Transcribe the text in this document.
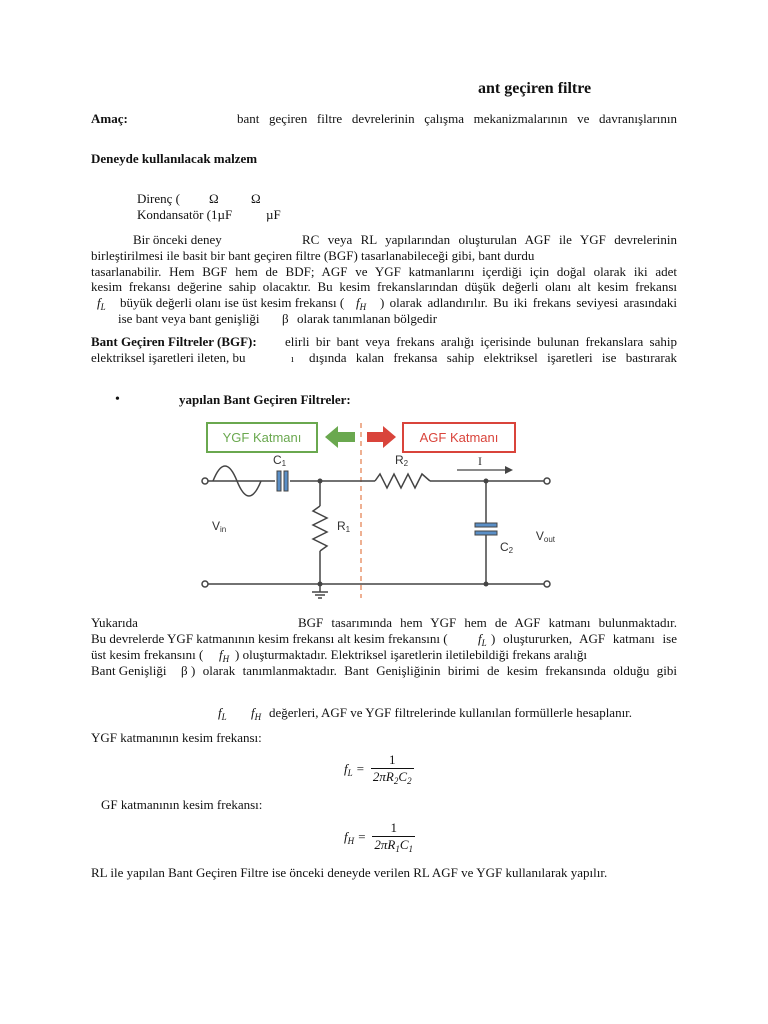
ant geçiren filtre
Amaç:	bant geçiren filtre devrelerinin çalışma mekanizmalarının ve davranışlarının
Deneyde kullanılacak malzem
Direnç ( Ω Ω
Kondansatör (1µF	µF
Bir önceki deney	RC veya RL yapılarından oluşturulan AGF ile YGF devrelerinin
birleştirilmesi ile basit bir bant geçiren filtre (BGF) tasarlanabileceği gibi, bant durdu
tasarlanabilir. Hem BGF hem de BDF; AGF ve YGF katmanlarını içerdiği için doğal olarak iki adet
kesim frekansı değerine sahip olacaktır. Bu kesim frekanslarından düşük değerli olanı alt kesim frekansı
$f_L$ büyük değerli olanı ise üst kesim frekansı ( $f_H$ ) olarak adlandırılır. Bu iki frekans seviyesi arasındaki
ise bant veya bant genişliği β olarak tanımlanan bölgedir
Bant Geçiren Filtreler (BGF): elirli bir bant veya frekans aralığı içerisinde bulunan frekanslara sahip
elektriksel işaretleri ileten, bu	ı dışında kalan frekansa sahip elektriksel işaretleri ise bastırarak
•	yapılan Bant Geçiren Filtreler:
YGF Katmanı	AGF Katmanı
C1
R1
R2	I
C2
Vin	Vout
Yukarıda	BGF tasarımında hem YGF hem de AGF katmanı bulunmaktadır.
Bu devrelerde YGF katmanının kesim frekansı alt kesim frekansını ( $f_L$ ) oluştururken, AGF katmanı ise
üst kesim frekansını ( $f_H$ ) oluşturmaktadır. Elektriksel işaretlerin iletilebildiği frekans aralığı
Bant Genişliği β ) olarak tanımlanmaktadır. Bant Genişliğinin birimi de kesim frekansında olduğu gibi
$f_L$ $f_H$ değerleri, AGF ve YGF filtrelerinde kullanılan formüllerle hesaplanır.
YGF katmanının kesim frekansı:
$f_L = \frac{1}{2\pi R_2C_2}$
GF katmanının kesim frekansı:
$f_H = \frac{1}{2\pi R_1C_1}$
RL ile yapılan Bant Geçiren Filtre ise önceki deneyde verilen RL AGF ve YGF kullanılarak yapılır.
